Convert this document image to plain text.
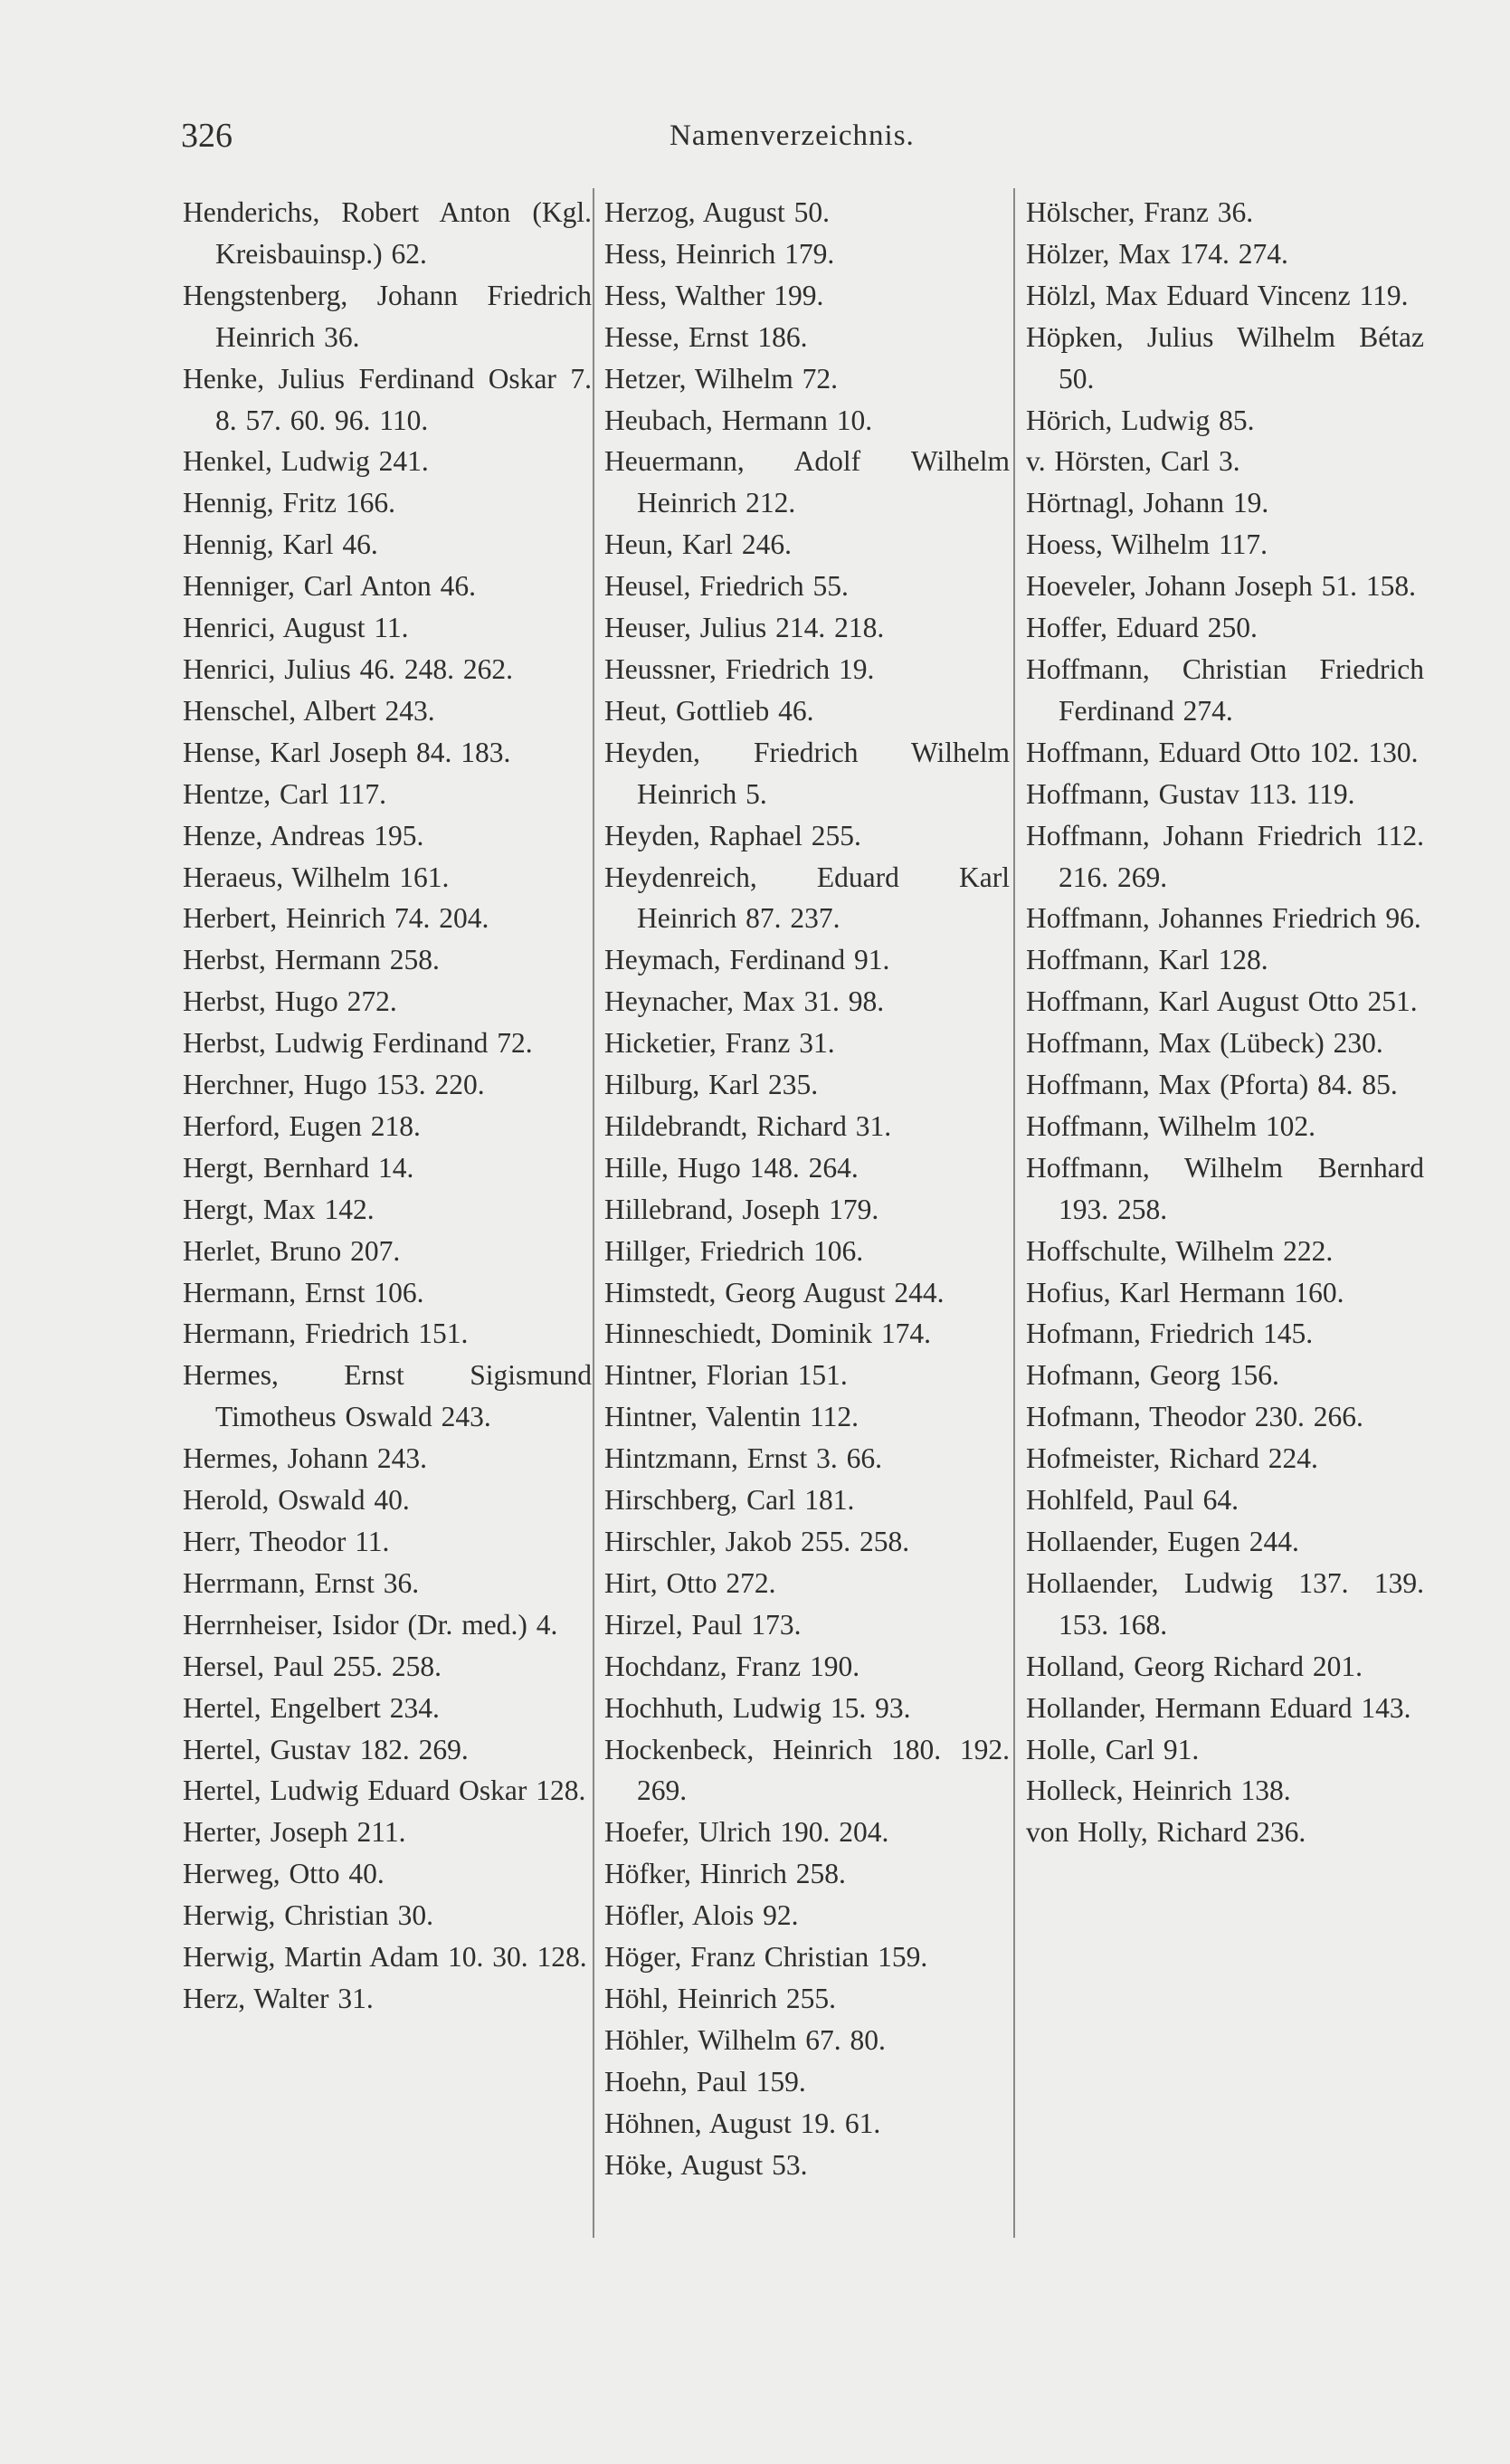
326	Namenverzeichnis.

Henderichs, Robert Anton (Kgl. Kreisbauinsp.) 62.

Hengstenberg, Johann Friedrich Heinrich 36.

Henke, Julius Ferdinand Oskar 7. 8. 57. 60. 96. 110.

Henkel, Ludwig 241.

Hennig, Fritz 166.

Hennig, Karl 46.

Henniger, Carl Anton 46.

Henrici, August 11.

Henrici, Julius 46. 248. 262.

Henschel, Albert 243.

Hense, Karl Joseph 84. 183.

Hentze, Carl 117.

Henze, Andreas 195.

Heraeus, Wilhelm 161.

Herbert, Heinrich 74. 204.

Herbst, Hermann 258.

Herbst, Hugo 272.

Herbst, Ludwig Ferdinand 72.

Herchner, Hugo 153. 220.

Herford, Eugen 218.

Hergt, Bernhard 14.

Hergt, Max 142.

Herlet, Bruno 207.

Hermann, Ernst 106.

Hermann, Friedrich 151.

Hermes, Ernst Sigismund Timotheus Oswald 243.

Hermes, Johann 243.

Herold, Oswald 40.

Herr, Theodor 11.

Herrmann, Ernst 36.

Herrnheiser, Isidor (Dr. med.) 4.

Hersel, Paul 255. 258.

Hertel, Engelbert 234.

Hertel, Gustav 182. 269.

Hertel, Ludwig Eduard Oskar 128.

Herter, Joseph 211.

Herweg, Otto 40.

Herwig, Christian 30.

Herwig, Martin Adam 10. 30. 128.

Herz, Walter 31.

Herzog, August 50.

Hess, Heinrich 179.

Hess, Walther 199.

Hesse, Ernst 186.

Hetzer, Wilhelm 72.

Heubach, Hermann 10.

Heuermann, Adolf Wilhelm Heinrich 212.

Heun, Karl 246.

Heusel, Friedrich 55.

Heuser, Julius 214. 218.

Heussner, Friedrich 19.

Heut, Gottlieb 46.

Heyden, Friedrich Wilhelm Heinrich 5.

Heyden, Raphael 255.

Heydenreich, Eduard Karl Heinrich 87. 237.

Heymach, Ferdinand 91.

Heynacher, Max 31. 98.

Hicketier, Franz 31.

Hilburg, Karl 235.

Hildebrandt, Richard 31.

Hille, Hugo 148. 264.

Hillebrand, Joseph 179.

Hillger, Friedrich 106.

Himstedt, Georg August 244.

Hinneschiedt, Dominik 174.

Hintner, Florian 151.

Hintner, Valentin 112.

Hintzmann, Ernst 3. 66.

Hirschberg, Carl 181.

Hirschler, Jakob 255. 258.

Hirt, Otto 272.

Hirzel, Paul 173.

Hochdanz, Franz 190.

Hochhuth, Ludwig 15. 93.

Hockenbeck, Heinrich 180. 192. 269.

Hoefer, Ulrich 190. 204.

Höfker, Hinrich 258.

Höfler, Alois 92.

Höger, Franz Christian 159.

Höhl, Heinrich 255.

Höhler, Wilhelm 67. 80.

Hoehn, Paul 159.

Höhnen, August 19. 61.

Höke, August 53.

Hölscher, Franz 36.

Hölzer, Max 174. 274.

Hölzl, Max Eduard Vincenz 119.

Höpken, Julius Wilhelm Bétaz 50.

Hörich, Ludwig 85.

v. Hörsten, Carl 3.

Hörtnagl, Johann 19.

Hoess, Wilhelm 117.

Hoeveler, Johann Joseph 51. 158.

Hoffer, Eduard 250.

Hoffmann, Christian Friedrich Ferdinand 274.

Hoffmann, Eduard Otto 102. 130.

Hoffmann, Gustav 113. 119.

Hoffmann, Johann Friedrich 112. 216. 269.

Hoffmann, Johannes Friedrich 96.

Hoffmann, Karl 128.

Hoffmann, Karl August Otto 251.

Hoffmann, Max (Lübeck) 230.

Hoffmann, Max (Pforta) 84. 85.

Hoffmann, Wilhelm 102.

Hoffmann, Wilhelm Bernhard 193. 258.

Hoffschulte, Wilhelm 222.

Hofius, Karl Hermann 160.

Hofmann, Friedrich 145.

Hofmann, Georg 156.

Hofmann, Theodor 230. 266.

Hofmeister, Richard 224.

Hohlfeld, Paul 64.

Hollaender, Eugen 244.

Hollaender, Ludwig 137. 139. 153. 168.

Holland, Georg Richard 201.

Hollander, Hermann Eduard 143.

Holle, Carl 91.

Holleck, Heinrich 138.

von Holly, Richard 236.
